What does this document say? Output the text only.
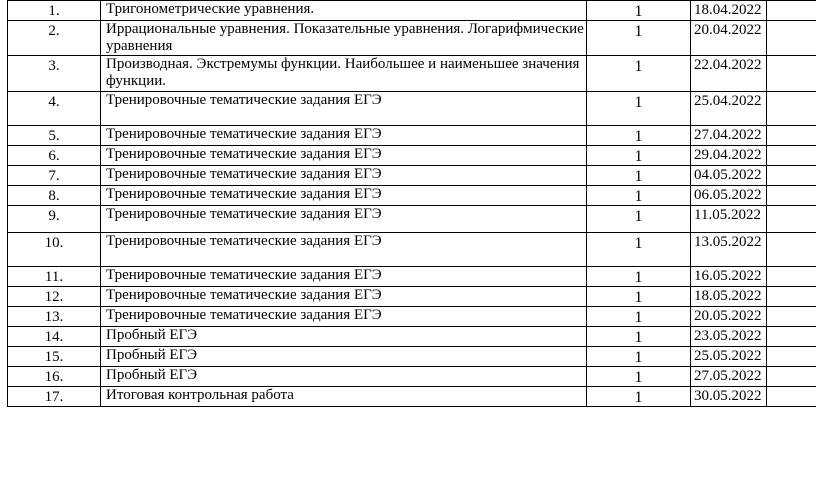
1.	Тригонометрические уравнения.	1	18.04.2022	

2.	Иррациональные уравнения. Показательные уравнения. Логарифмические уравнения	1	20.04.2022	

3.	Производная. Экстремумы функции. Наибольшее и наименьшее значения функции.	1	22.04.2022	

4.	Тренировочные тематические задания ЕГЭ	1	25.04.2022	

5.	Тренировочные тематические задания ЕГЭ	1	27.04.2022	

6.	Тренировочные тематические задания ЕГЭ	1	29.04.2022	

7.	Тренировочные тематические задания ЕГЭ	1	04.05.2022	

8.	Тренировочные тематические задания ЕГЭ	1	06.05.2022	

9.	Тренировочные тематические задания ЕГЭ	1	11.05.2022	

10.	Тренировочные тематические задания ЕГЭ	1	13.05.2022	

11.	Тренировочные тематические задания ЕГЭ	1	16.05.2022	

12.	Тренировочные тематические задания ЕГЭ	1	18.05.2022	

13.	Тренировочные тематические задания ЕГЭ	1	20.05.2022	

14.	Пробный ЕГЭ	1	23.05.2022	

15.	Пробный ЕГЭ	1	25.05.2022	

16.	Пробный ЕГЭ	1	27.05.2022	

17.	Итоговая контрольная работа	1	30.05.2022	
